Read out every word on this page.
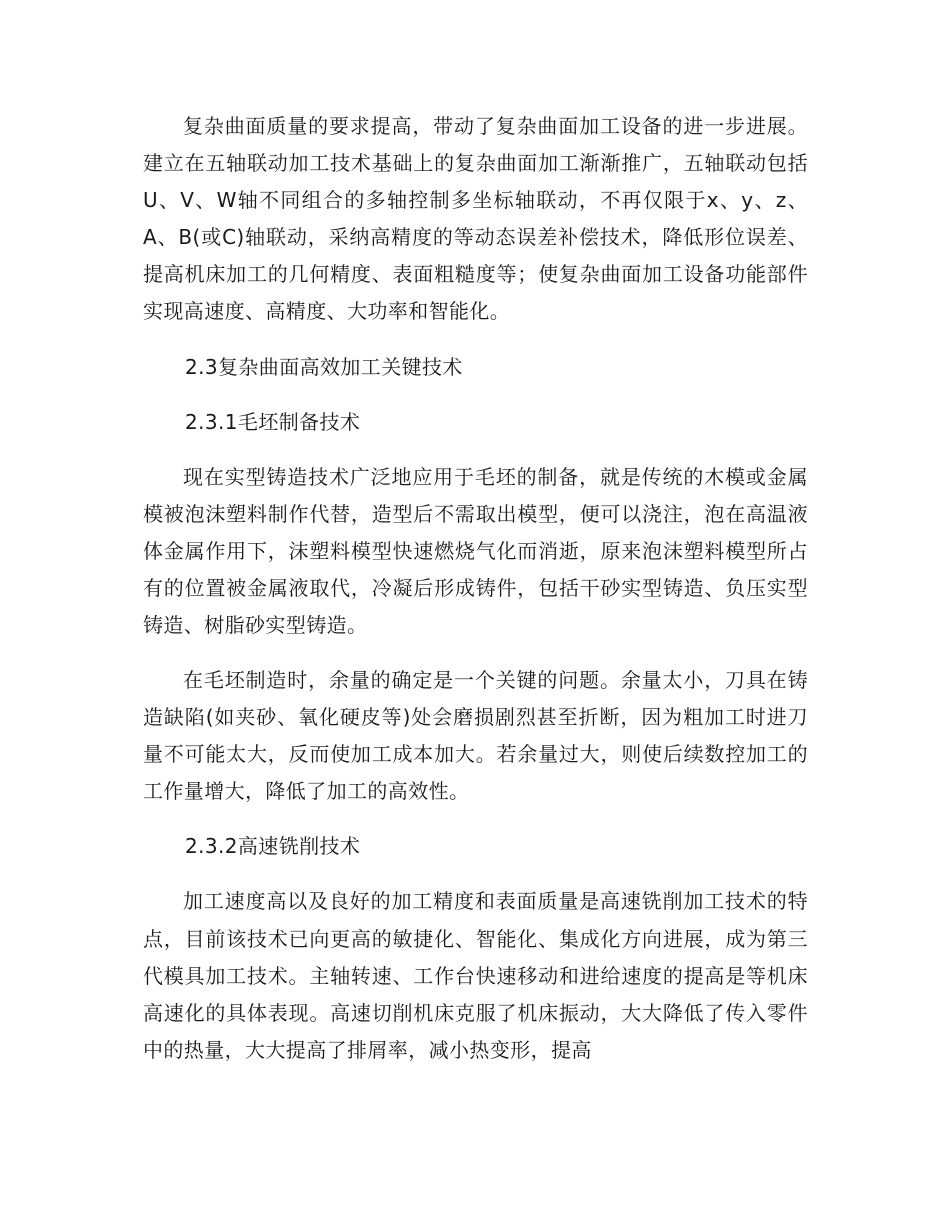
复杂曲面质量的要求提高，带动了复杂曲面加工设备的进一步进展。建立在五轴联动加工技术基础上的复杂曲面加工渐渐推广，五轴联动包括U、V、W轴不同组合的多轴控制多坐标轴联动，不再仅限于x、y、z、A、B(或C)轴联动，采纳高精度的等动态误差补偿技术，降低形位误差、提高机床加工的几何精度、表面粗糙度等；使复杂曲面加工设备功能部件实现高速度、高精度、大功率和智能化。

2.3复杂曲面高效加工关键技术

2.3.1毛坯制备技术

现在实型铸造技术广泛地应用于毛坯的制备，就是传统的木模或金属模被泡沫塑料制作代替，造型后不需取出模型，便可以浇注，泡在高温液体金属作用下，沫塑料模型快速燃烧气化而消逝，原来泡沫塑料模型所占有的位置被金属液取代，冷凝后形成铸件，包括干砂实型铸造、负压实型铸造、树脂砂实型铸造。

在毛坯制造时，余量的确定是一个关键的问题。余量太小，刀具在铸造缺陷(如夹砂、氧化硬皮等)处会磨损剧烈甚至折断，因为粗加工时进刀量不可能太大，反而使加工成本加大。若余量过大，则使后续数控加工的工作量增大，降低了加工的高效性。

2.3.2高速铣削技术

加工速度高以及良好的加工精度和表面质量是高速铣削加工技术的特点，目前该技术已向更高的敏捷化、智能化、集成化方向进展，成为第三代模具加工技术。主轴转速、工作台快速移动和进给速度的提高是等机床高速化的具体表现。高速切削机床克服了机床振动，大大降低了传入零件中的热量，大大提高了排屑率，减小热变形，提高
